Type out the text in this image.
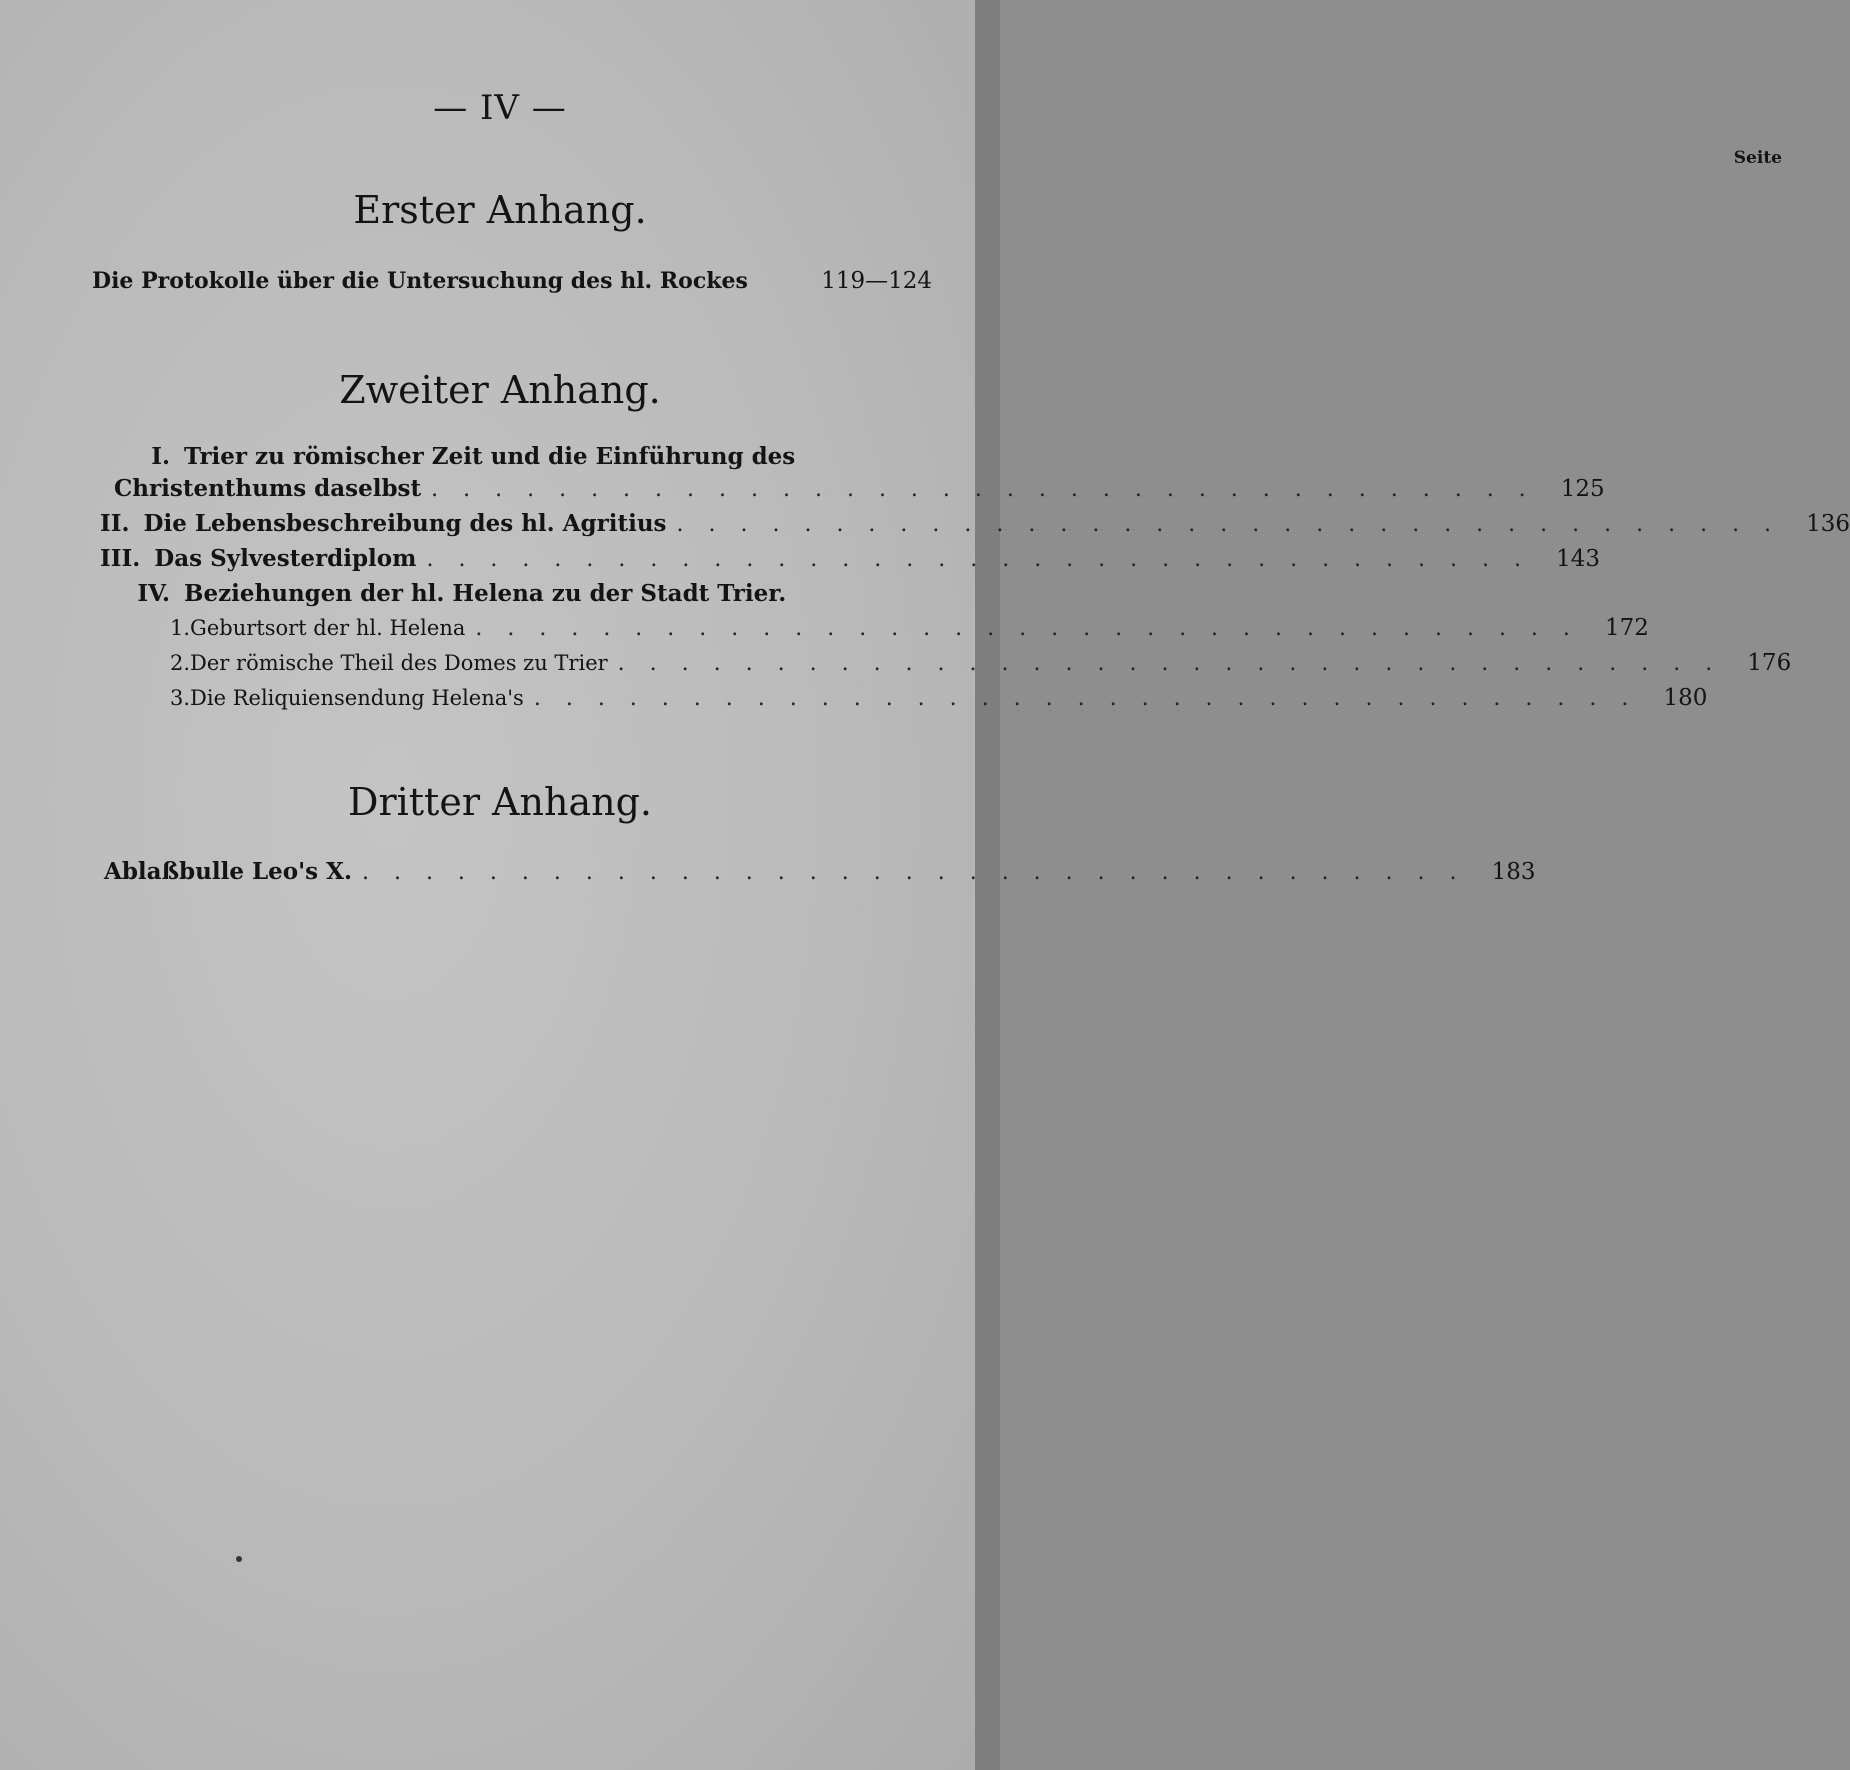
— IV —
Seite
Erster Anhang.
Die Protokolle über die Untersuchung des hl. Rockes	119—124
Zweiter Anhang.
I. Trier zu römischer Zeit und die Einführung des
Christenthums daselbst . . . . . . . . . . . . . . . . . . . . . . . . . . . . . . . . . . .	125
II. Die Lebensbeschreibung des hl. Agritius . . . . . . . . . . . . . . . . . . . . . . . . . . . . . . . . . . .	136
III. Das Sylvesterdiplom . . . . . . . . . . . . . . . . . . . . . . . . . . . . . . . . . . .	143
IV. Beziehungen der hl. Helena zu der Stadt Trier.
1. Geburtsort der hl. Helena . . . . . . . . . . . . . . . . . . . . . . . . . . . . . . . . . . .	172
2. Der römische Theil des Domes zu Trier . . . . . . . . . . . . . . . . . . . . . . . . . . . . . . . . . . .	176
3. Die Reliquiensendung Helena's . . . . . . . . . . . . . . . . . . . . . . . . . . . . . . . . . . .	180
Dritter Anhang.
Ablaßbulle Leo's X. . . . . . . . . . . . . . . . . . . . . . . . . . . . . . . . . . . .	183
